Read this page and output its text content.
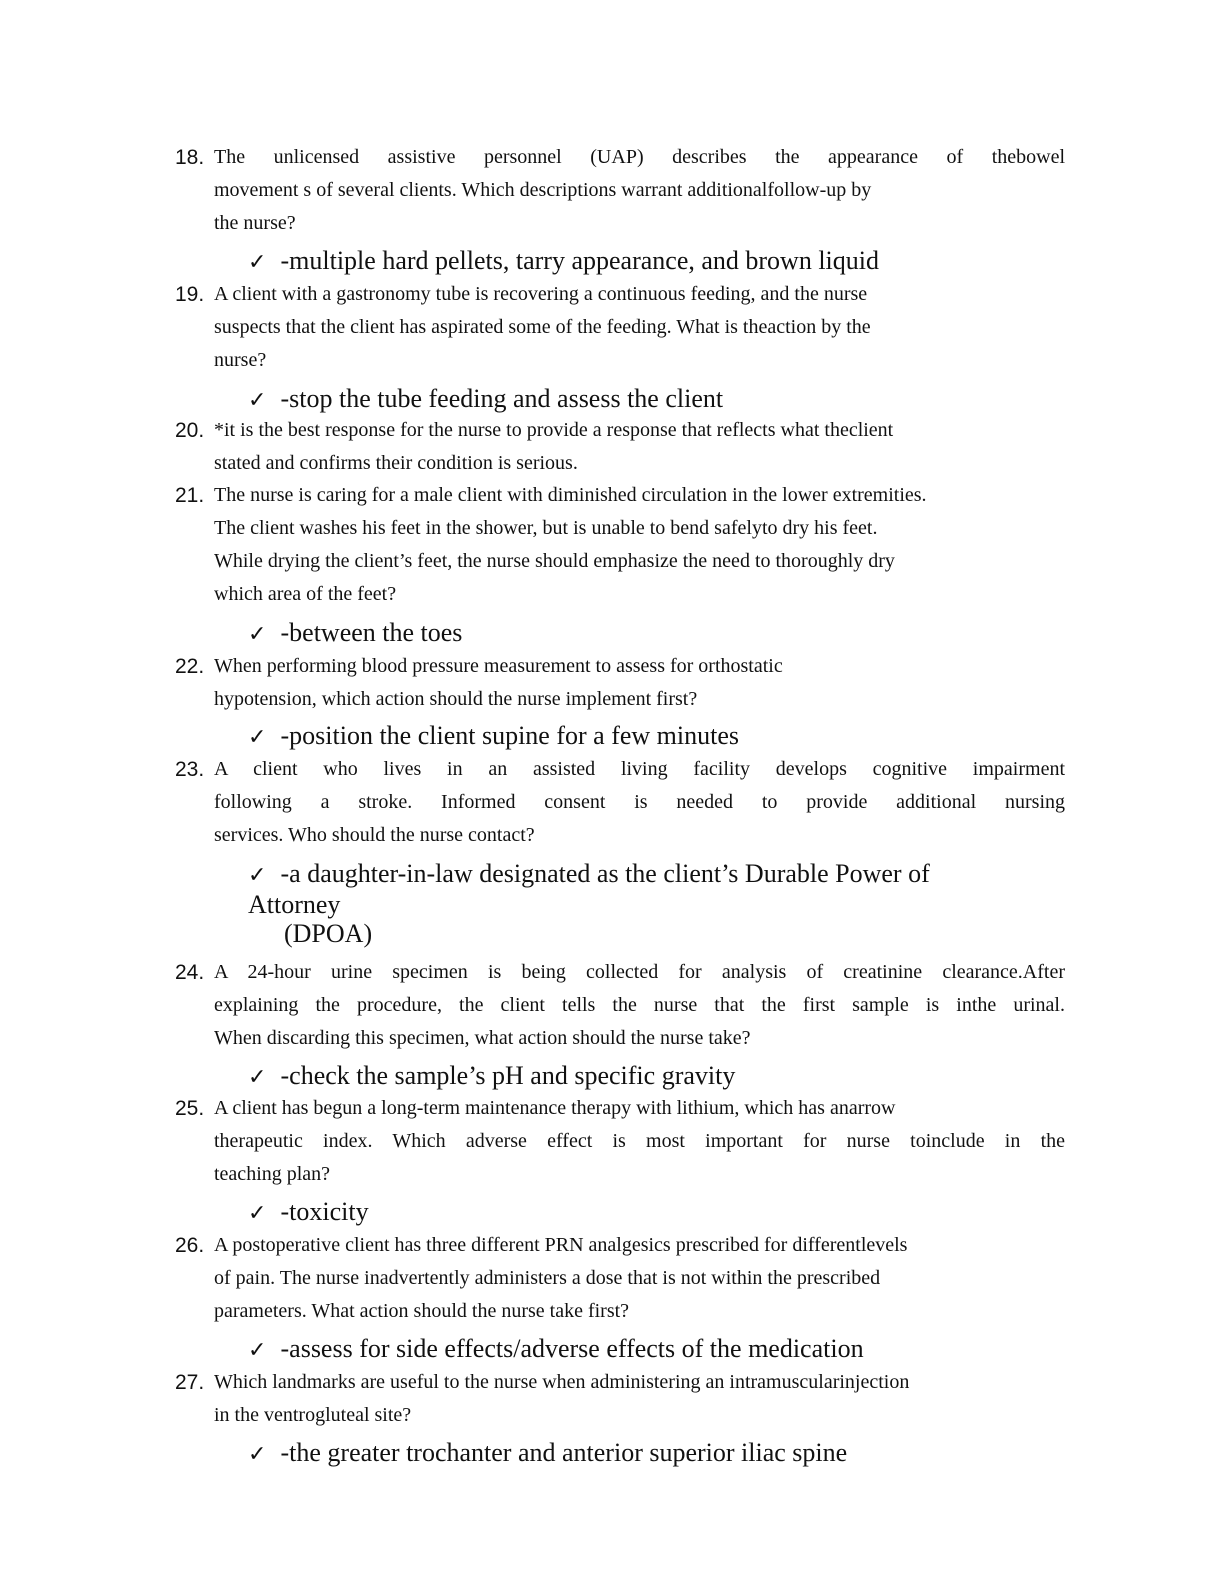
18. The unlicensed assistive personnel (UAP) describes the appearance of thebowel
movement s of several clients. Which descriptions warrant additionalfollow-up by
the nurse?
✓ -multiple hard pellets, tarry appearance, and brown liquid
19. A client with a gastronomy tube is recovering a continuous feeding, and the nurse
suspects that the client has aspirated some of the feeding. What is theaction by the
nurse?
✓ -stop the tube feeding and assess the client
20. *it is the best response for the nurse to provide a response that reflects what theclient
stated and confirms their condition is serious.
21. The nurse is caring for a male client with diminished circulation in the lower extremities.
The client washes his feet in the shower, but is unable to bend safelyto dry his feet.
While drying the client’s feet, the nurse should emphasize the need to thoroughly dry
which area of the feet?
✓ -between the toes
22. When performing blood pressure measurement to assess for orthostatic
hypotension, which action should the nurse implement first?
✓ -position the client supine for a few minutes
23. A client who lives in an assisted living facility develops cognitive impairment
following a stroke. Informed consent is needed to provide additional nursing
services. Who should the nurse contact?
✓ -a daughter-in-law designated as the client’s Durable Power of
Attorney
(DPOA)
24. A 24-hour urine specimen is being collected for analysis of creatinine clearance.After
explaining the procedure, the client tells the nurse that the first sample is inthe urinal.
When discarding this specimen, what action should the nurse take?
✓ -check the sample’s pH and specific gravity
25. A client has begun a long-term maintenance therapy with lithium, which has anarrow
therapeutic index. Which adverse effect is most important for nurse toinclude in the
teaching plan?
✓ -toxicity
26. A postoperative client has three different PRN analgesics prescribed for differentlevels
of pain. The nurse inadvertently administers a dose that is not within the prescribed
parameters. What action should the nurse take first?
✓ -assess for side effects/adverse effects of the medication
27. Which landmarks are useful to the nurse when administering an intramuscularinjection
in the ventrogluteal site?
✓ -the greater trochanter and anterior superior iliac spine
